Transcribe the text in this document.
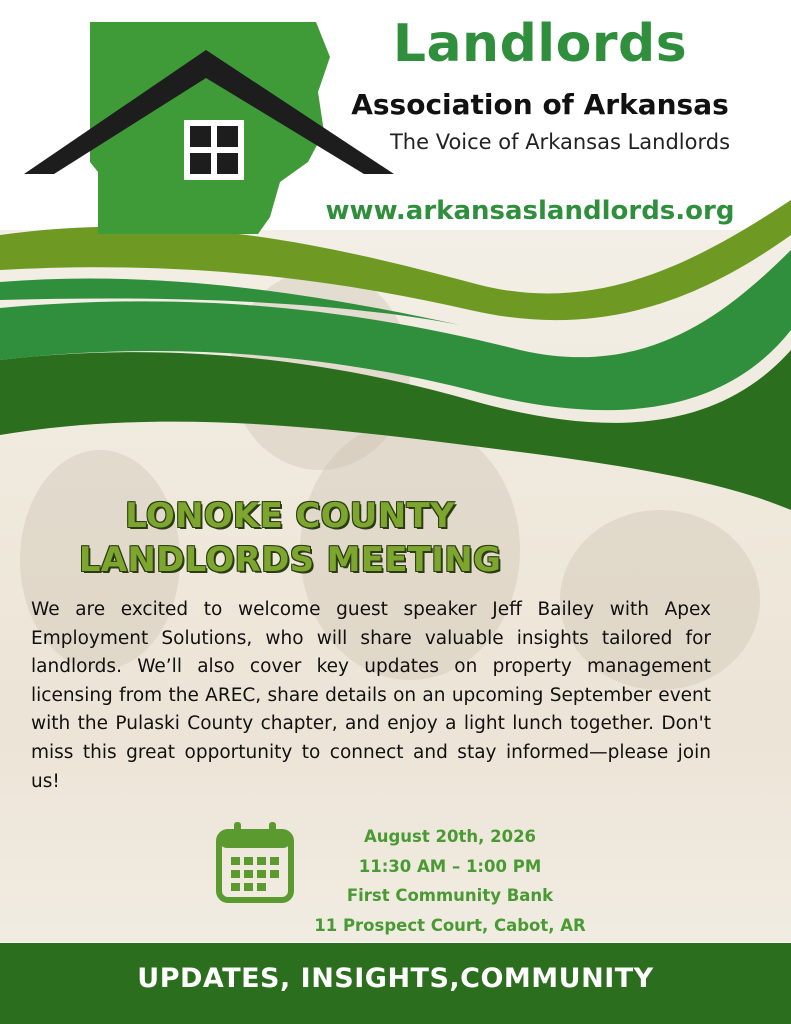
Landlords
Association of Arkansas

The Voice of Arkansas Landlords

www.arkansaslandlords.org

LONOKE COUNTY
LANDLORDS MEETING

We are excited to welcome guest speaker Jeff Bailey with Apex Employment Solutions, who will share valuable insights tailored for landlords. We’ll also cover key updates on property management licensing from the AREC, share details on an upcoming September event with the Pulaski County chapter, and enjoy a light lunch together. Don't miss this great opportunity to connect and stay informed—please join us!

August 20th, 2026
11:30 AM – 1:00 PM
First Community Bank
11 Prospect Court, Cabot, AR

UPDATES, INSIGHTS,COMMUNITY
